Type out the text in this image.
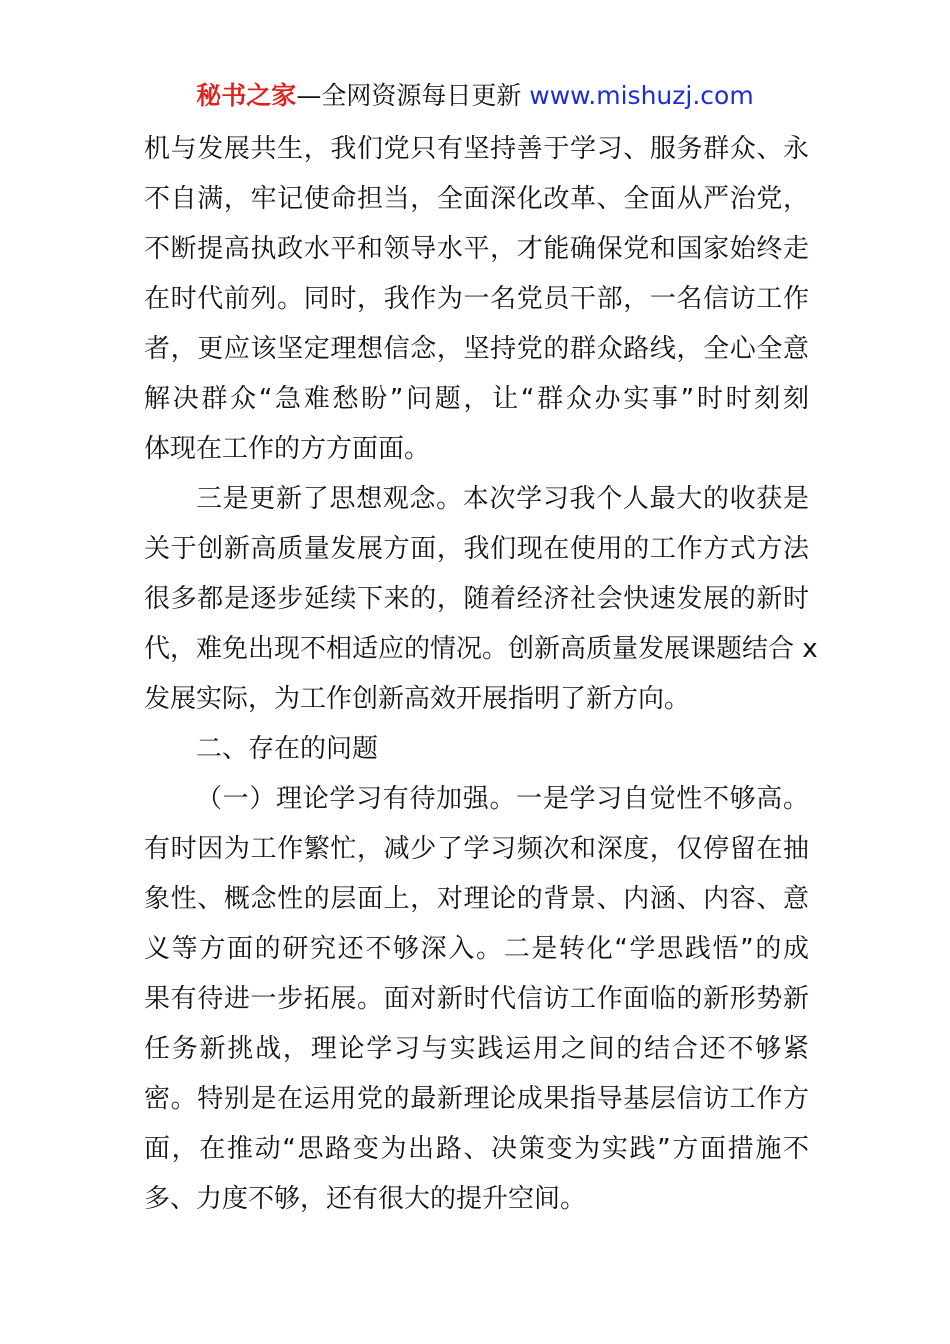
秘书之家—全网资源每日更新 www.mishuzj.com
机与发展共生，我们党只有坚持善于学习、服务群众、永
不自满，牢记使命担当，全面深化改革、全面从严治党，
不断提高执政水平和领导水平，才能确保党和国家始终走
在时代前列。同时，我作为一名党员干部，一名信访工作
者，更应该坚定理想信念，坚持党的群众路线，全心全意
解决群众“急难愁盼”问题，让“群众办实事”时时刻刻
体现在工作的方方面面。
三是更新了思想观念。本次学习我个人最大的收获是
关于创新高质量发展方面，我们现在使用的工作方式方法
很多都是逐步延续下来的，随着经济社会快速发展的新时
代，难免出现不相适应的情况。创新高质量发展课题结合 x
发展实际，为工作创新高效开展指明了新方向。
二、存在的问题
（一）理论学习有待加强。一是学习自觉性不够高。
有时因为工作繁忙，减少了学习频次和深度，仅停留在抽
象性、概念性的层面上，对理论的背景、内涵、内容、意
义等方面的研究还不够深入。二是转化“学思践悟”的成
果有待进一步拓展。面对新时代信访工作面临的新形势新
任务新挑战，理论学习与实践运用之间的结合还不够紧
密。特别是在运用党的最新理论成果指导基层信访工作方
面，在推动“思路变为出路、决策变为实践”方面措施不
多、力度不够，还有很大的提升空间。
